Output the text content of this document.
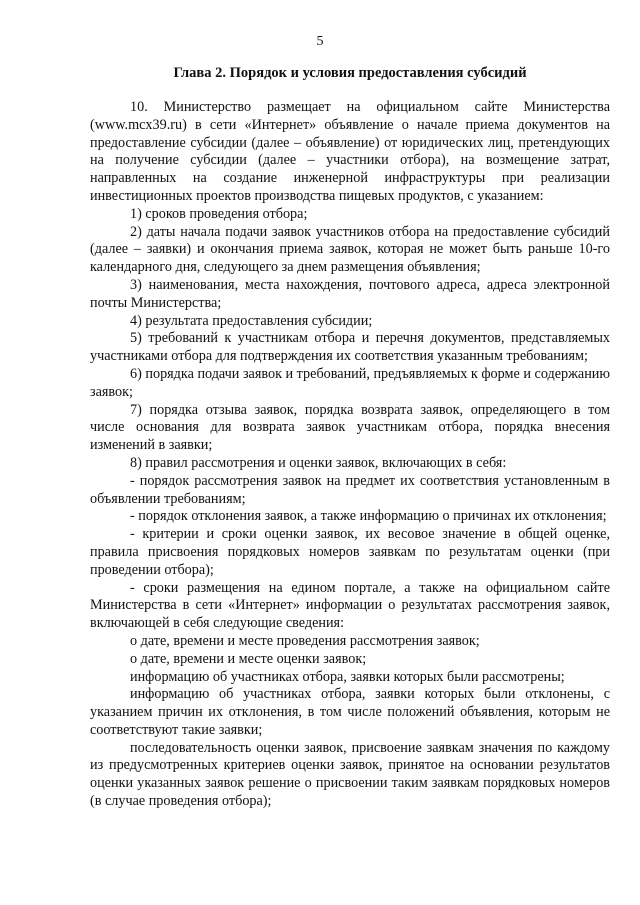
5
Глава 2. Порядок и условия предоставления субсидий

10. Министерство размещает на официальном сайте Министерства (www.mcx39.ru) в сети «Интернет» объявление о начале приема документов на предоставление субсидии (далее – объявление) от юридических лиц, претендующих на получение субсидии (далее – участники отбора), на возмещение затрат, направленных на создание инженерной инфраструктуры при реализации инвестиционных проектов производства пищевых продуктов, с указанием:

1) сроков проведения отбора;

2) даты начала подачи заявок участников отбора на предоставление субсидий (далее – заявки) и окончания приема заявок, которая не может быть раньше 10-го календарного дня, следующего за днем размещения объявления;

3) наименования, места нахождения, почтового адреса, адреса электронной почты Министерства;

4) результата предоставления субсидии;

5) требований к участникам отбора и перечня документов, представляемых участниками отбора для подтверждения их соответствия указанным требованиям;

6) порядка подачи заявок и требований, предъявляемых к форме и содержанию заявок;

7) порядка отзыва заявок, порядка возврата заявок, определяющего в том числе основания для возврата заявок участникам отбора, порядка внесения изменений в заявки;

8) правил рассмотрения и оценки заявок, включающих в себя:

- порядок рассмотрения заявок на предмет их соответствия установленным в объявлении требованиям;

- порядок отклонения заявок, а также информацию о причинах их отклонения;

- критерии и сроки оценки заявок, их весовое значение в общей оценке, правила присвоения порядковых номеров заявкам по результатам оценки (при проведении отбора);

- сроки размещения на едином портале, а также на официальном сайте Министерства в сети «Интернет» информации о результатах рассмотрения заявок, включающей в себя следующие сведения:

о дате, времени и месте проведения рассмотрения заявок;

о дате, времени и месте оценки заявок;

информацию об участниках отбора, заявки которых были рассмотрены;

информацию об участниках отбора, заявки которых были отклонены, с указанием причин их отклонения, в том числе положений объявления, которым не соответствуют такие заявки;

последовательность оценки заявок, присвоение заявкам значения по каждому из предусмотренных критериев оценки заявок, принятое на основании результатов оценки указанных заявок решение о присвоении таким заявкам порядковых номеров (в случае проведения отбора);
